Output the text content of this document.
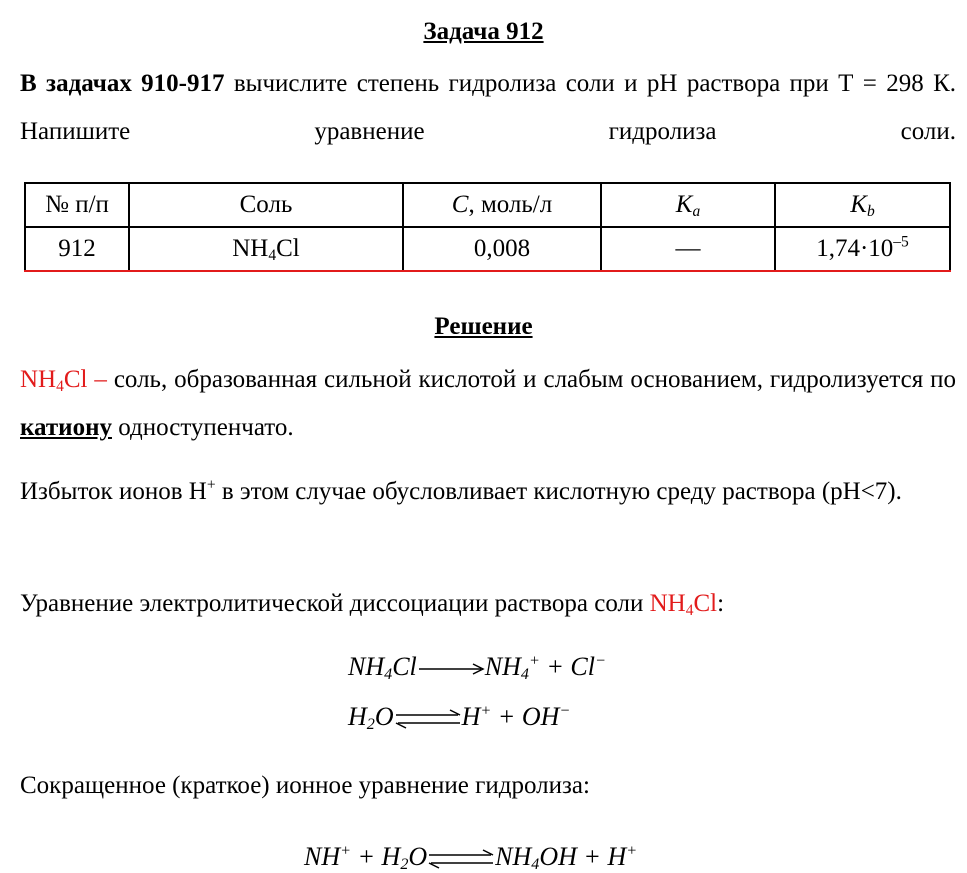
Задача 912

В задачах 910-917 вычислите степень гидролиза соли и рН раствора при Т = 298 К. Напишите уравнение гидролиза соли.

№ п/п	Соль	C, моль/л	$K_a$	$K_b$
912	$NH_4Cl$	0,008	—	$1,74\cdot 10^{-5}$
Решение

$NH_4Cl$ – соль, образованная сильной кислотой и слабым основанием, гидролизуется по катиону одноступенчато.

Избыток ионов Н+ в этом случае обусловливает кислотную среду раствора (рН<7).

Уравнение электролитической диссоциации раствора соли $NH_4Cl$:

$NH_4Cl$	$NH_4^+ + Cl^-$
$H_2O\rightleftharpoons H^+ + OH^-$

Сокращенное (краткое) ионное уравнение гидролиза:

$NH^+ + H_2O\rightleftharpoons NH_4OH + H^+$
